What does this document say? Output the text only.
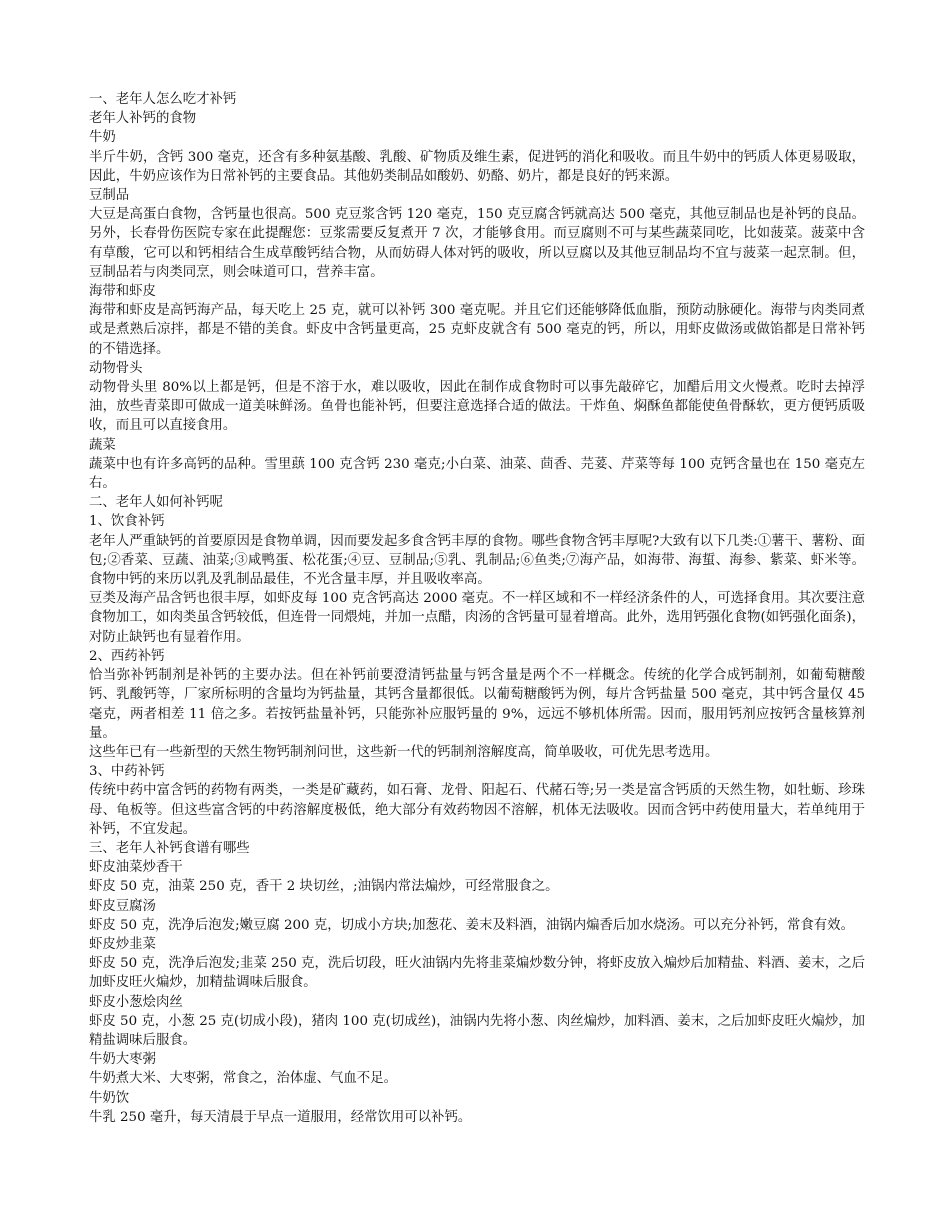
一、老年人怎么吃才补钙
老年人补钙的食物
牛奶
半斤牛奶，含钙 300 毫克，还含有多种氨基酸、乳酸、矿物质及维生素，促进钙的消化和吸收。而且牛奶中的钙质人体更易吸取，因此，牛奶应该作为日常补钙的主要食品。其他奶类制品如酸奶、奶酪、奶片，都是良好的钙来源。
豆制品
大豆是高蛋白食物，含钙量也很高。500 克豆浆含钙 120 毫克，150 克豆腐含钙就高达 500 毫克，其他豆制品也是补钙的良品。另外，长春骨伤医院专家在此提醒您：豆浆需要反复煮开 7 次，才能够食用。而豆腐则不可与某些蔬菜同吃，比如菠菜。菠菜中含有草酸，它可以和钙相结合生成草酸钙结合物，从而妨碍人体对钙的吸收，所以豆腐以及其他豆制品均不宜与菠菜一起烹制。但，豆制品若与肉类同烹，则会味道可口，营养丰富。
海带和虾皮
海带和虾皮是高钙海产品，每天吃上 25 克，就可以补钙 300 毫克呢。并且它们还能够降低血脂，预防动脉硬化。海带与肉类同煮或是煮熟后凉拌，都是不错的美食。虾皮中含钙量更高，25 克虾皮就含有 500 毫克的钙，所以，用虾皮做汤或做馅都是日常补钙的不错选择。
动物骨头
动物骨头里 80%以上都是钙，但是不溶于水，难以吸收，因此在制作成食物时可以事先敲碎它，加醋后用文火慢煮。吃时去掉浮油，放些青菜即可做成一道美味鲜汤。鱼骨也能补钙，但要注意选择合适的做法。干炸鱼、焖酥鱼都能使鱼骨酥软，更方便钙质吸收，而且可以直接食用。
蔬菜
蔬菜中也有许多高钙的品种。雪里蕻 100 克含钙 230 毫克;小白菜、油菜、茴香、芫荽、芹菜等每 100 克钙含量也在 150 毫克左右。
二、老年人如何补钙呢
1、饮食补钙
老年人严重缺钙的首要原因是食物单调，因而要发起多食含钙丰厚的食物。哪些食物含钙丰厚呢?大致有以下几类:①薯干、薯粉、面包;②香菜、豆蔬、油菜;③咸鸭蛋、松花蛋;④豆、豆制品;⑤乳、乳制品;⑥鱼类;⑦海产品，如海带、海蜇、海参、紫菜、虾米等。食物中钙的来历以乳及乳制品最佳，不光含量丰厚，并且吸收率高。
豆类及海产品含钙也很丰厚，如虾皮每 100 克含钙高达 2000 毫克。不一样区域和不一样经济条件的人，可选择食用。其次要注意食物加工，如肉类虽含钙较低，但连骨一同煨炖，并加一点醋，肉汤的含钙量可显着增高。此外，选用钙强化食物(如钙强化面条)，对防止缺钙也有显着作用。
2、西药补钙
恰当弥补钙制剂是补钙的主要办法。但在补钙前要澄清钙盐量与钙含量是两个不一样概念。传统的化学合成钙制剂，如葡萄糖酸钙、乳酸钙等，厂家所标明的含量均为钙盐量，其钙含量都很低。以葡萄糖酸钙为例，每片含钙盐量 500 毫克，其中钙含量仅 45 毫克，两者相差 11 倍之多。若按钙盐量补钙，只能弥补应服钙量的 9%，远远不够机体所需。因而，服用钙剂应按钙含量核算剂量。
这些年已有一些新型的天然生物钙制剂问世，这些新一代的钙制剂溶解度高，简单吸收，可优先思考选用。
3、中药补钙
传统中药中富含钙的药物有两类，一类是矿藏药，如石膏、龙骨、阳起石、代赭石等;另一类是富含钙质的天然生物，如牡蛎、珍珠母、龟板等。但这些富含钙的中药溶解度极低，绝大部分有效药物因不溶解，机体无法吸收。因而含钙中药使用量大，若单纯用于补钙，不宜发起。
三、老年人补钙食谱有哪些
虾皮油菜炒香干
虾皮 50 克，油菜 250 克，香干 2 块切丝，;油锅内常法煸炒，可经常服食之。
虾皮豆腐汤
虾皮 50 克，洗净后泡发;嫩豆腐 200 克，切成小方块;加葱花、姜末及料酒，油锅内煸香后加水烧汤。可以充分补钙，常食有效。
虾皮炒韭菜
虾皮 50 克，洗净后泡发;韭菜 250 克，洗后切段，旺火油锅内先将韭菜煸炒数分钟，将虾皮放入煸炒后加精盐、料酒、姜末，之后加虾皮旺火煸炒，加精盐调味后服食。
虾皮小葱烩肉丝
虾皮 50 克，小葱 25 克(切成小段)，猪肉 100 克(切成丝)，油锅内先将小葱、肉丝煸炒，加料酒、姜末，之后加虾皮旺火煸炒，加精盐调味后服食。
牛奶大枣粥
牛奶煮大米、大枣粥，常食之，治体虚、气血不足。
牛奶饮
牛乳 250 毫升，每天清晨于早点一道服用，经常饮用可以补钙。
